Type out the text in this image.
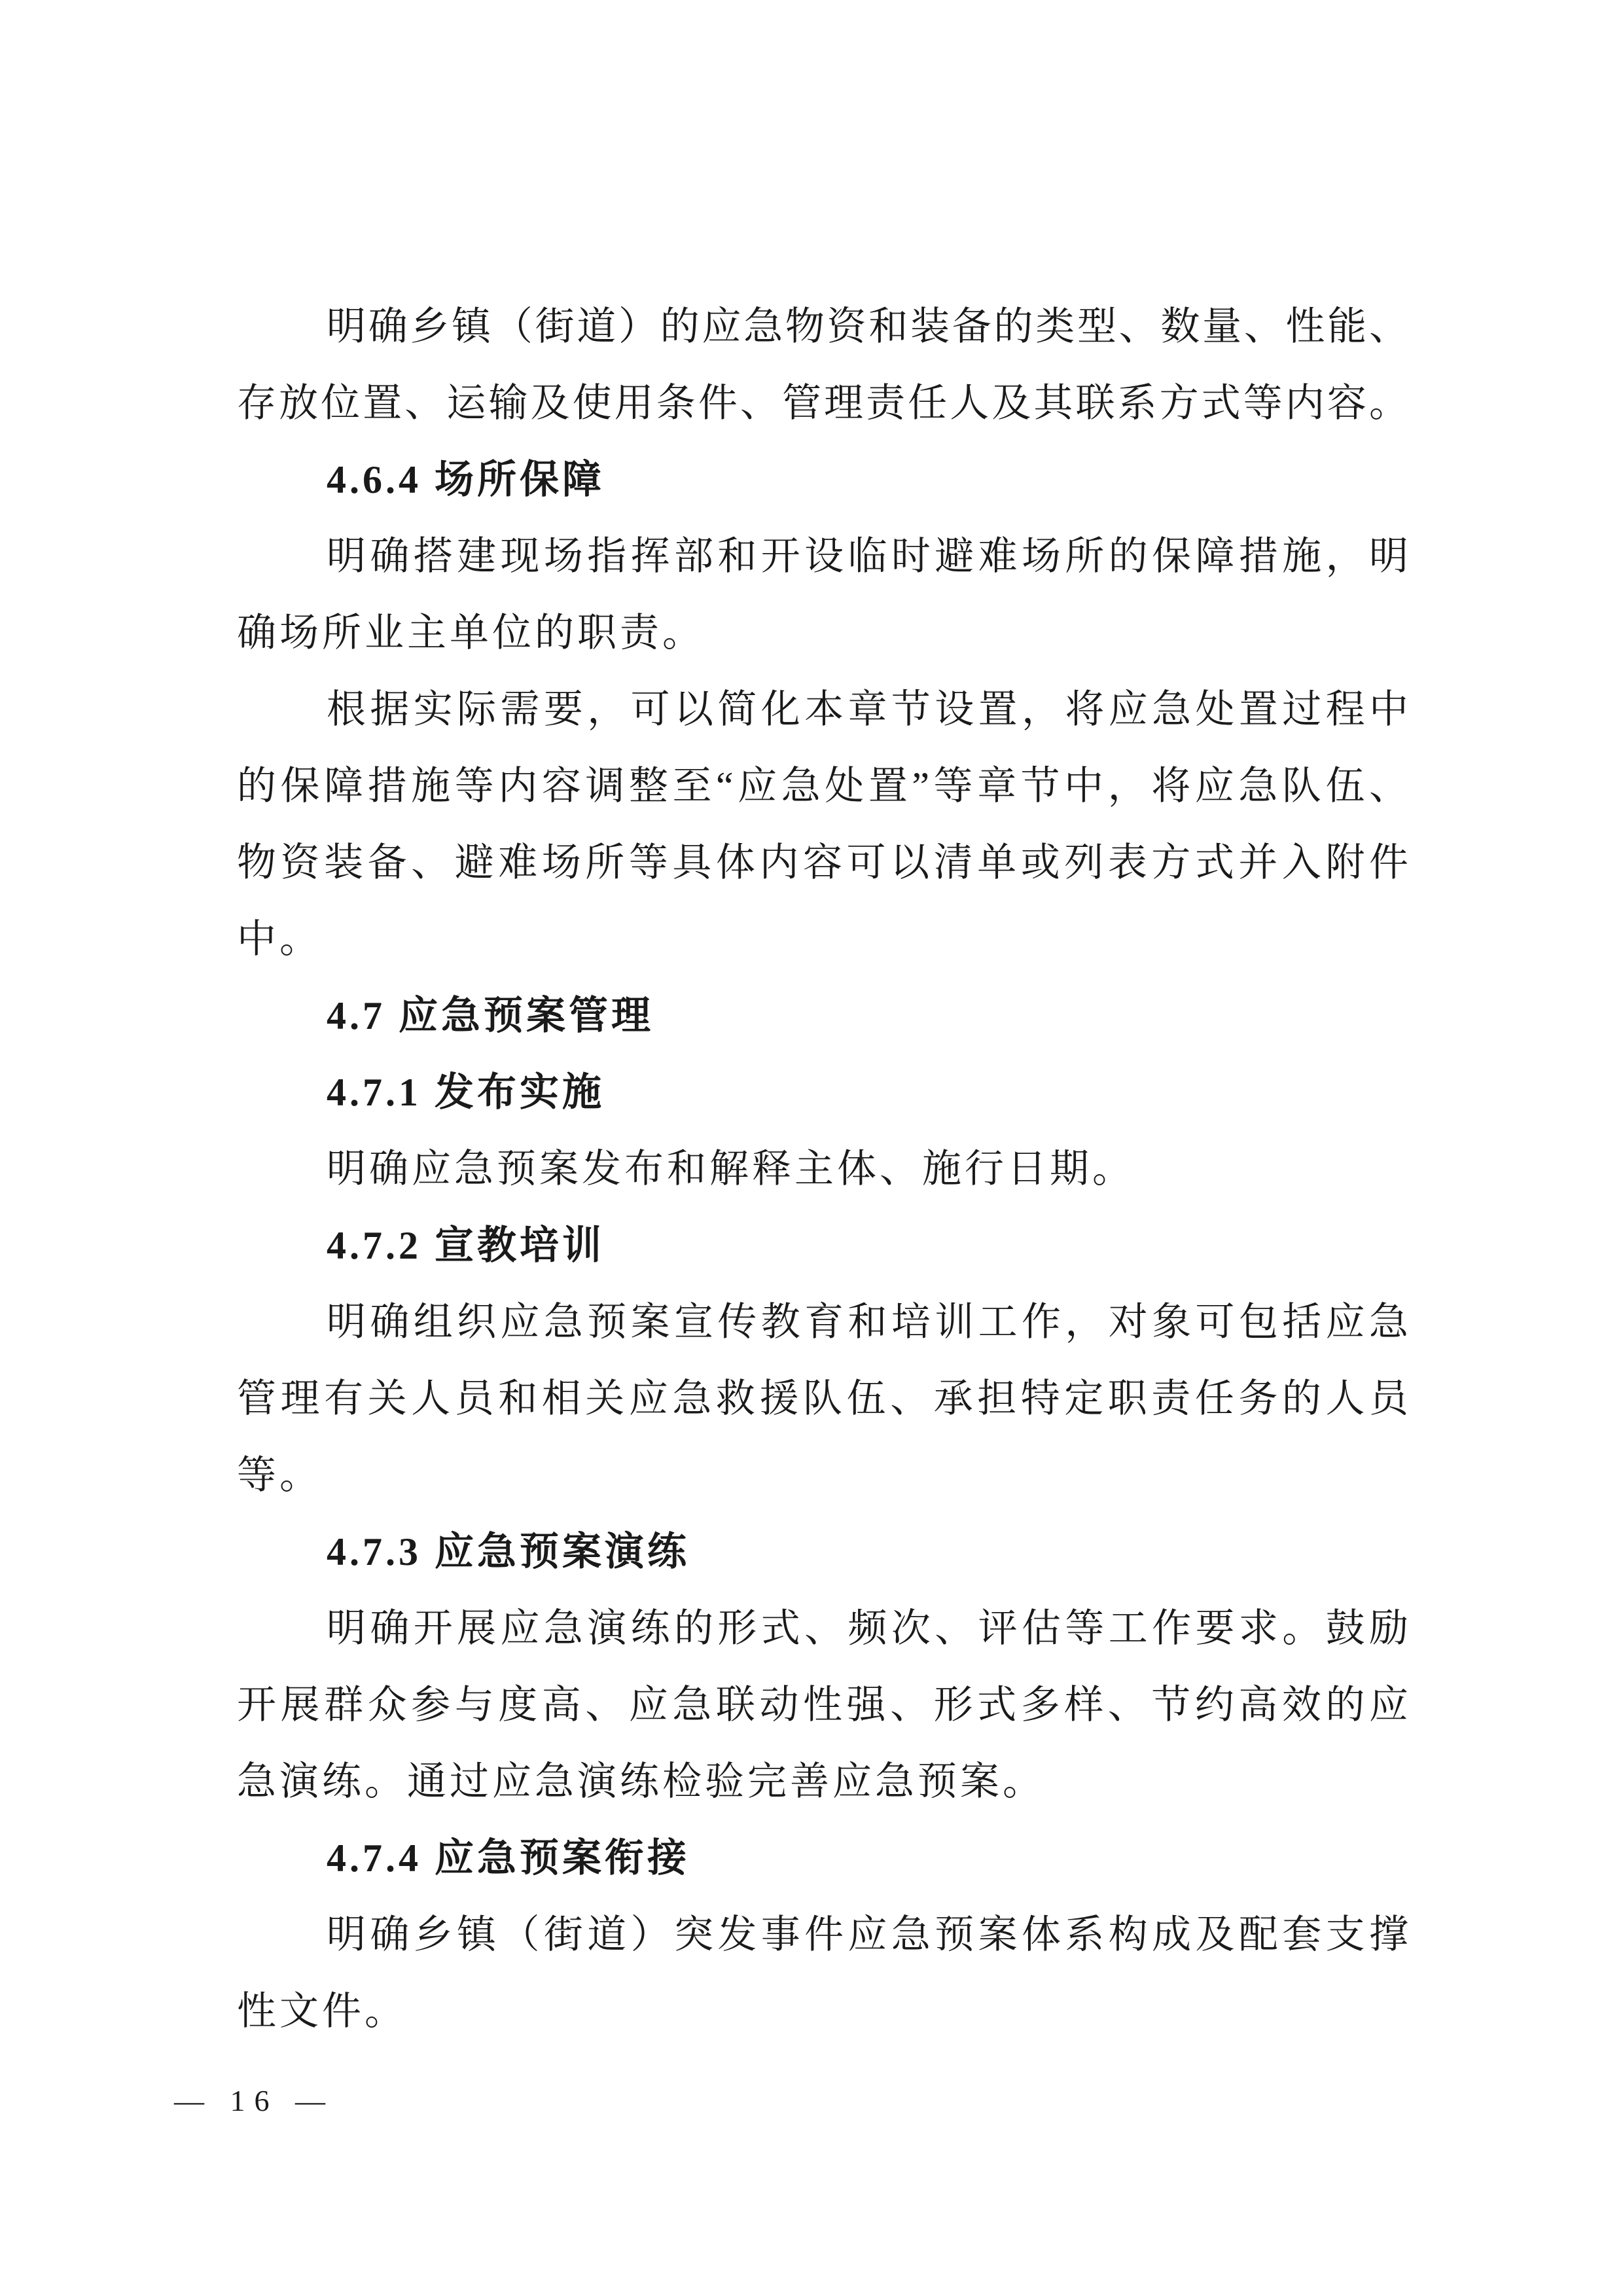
明确乡镇（街道）的应急物资和装备的类型、数量、性能、
存放位置、运输及使用条件、管理责任人及其联系方式等内容。
4.6.4 场所保障
明确搭建现场指挥部和开设临时避难场所的保障措施，明
确场所业主单位的职责。
根据实际需要，可以简化本章节设置，将应急处置过程中
的保障措施等内容调整至“应急处置”等章节中，将应急队伍、
物资装备、避难场所等具体内容可以清单或列表方式并入附件
中。
4.7 应急预案管理
4.7.1 发布实施
明确应急预案发布和解释主体、施行日期。
4.7.2 宣教培训
明确组织应急预案宣传教育和培训工作，对象可包括应急
管理有关人员和相关应急救援队伍、承担特定职责任务的人员
等。
4.7.3 应急预案演练
明确开展应急演练的形式、频次、评估等工作要求。鼓励
开展群众参与度高、应急联动性强、形式多样、节约高效的应
急演练。通过应急演练检验完善应急预案。
4.7.4 应急预案衔接
明确乡镇（街道）突发事件应急预案体系构成及配套支撑
性文件。
— 16 —
